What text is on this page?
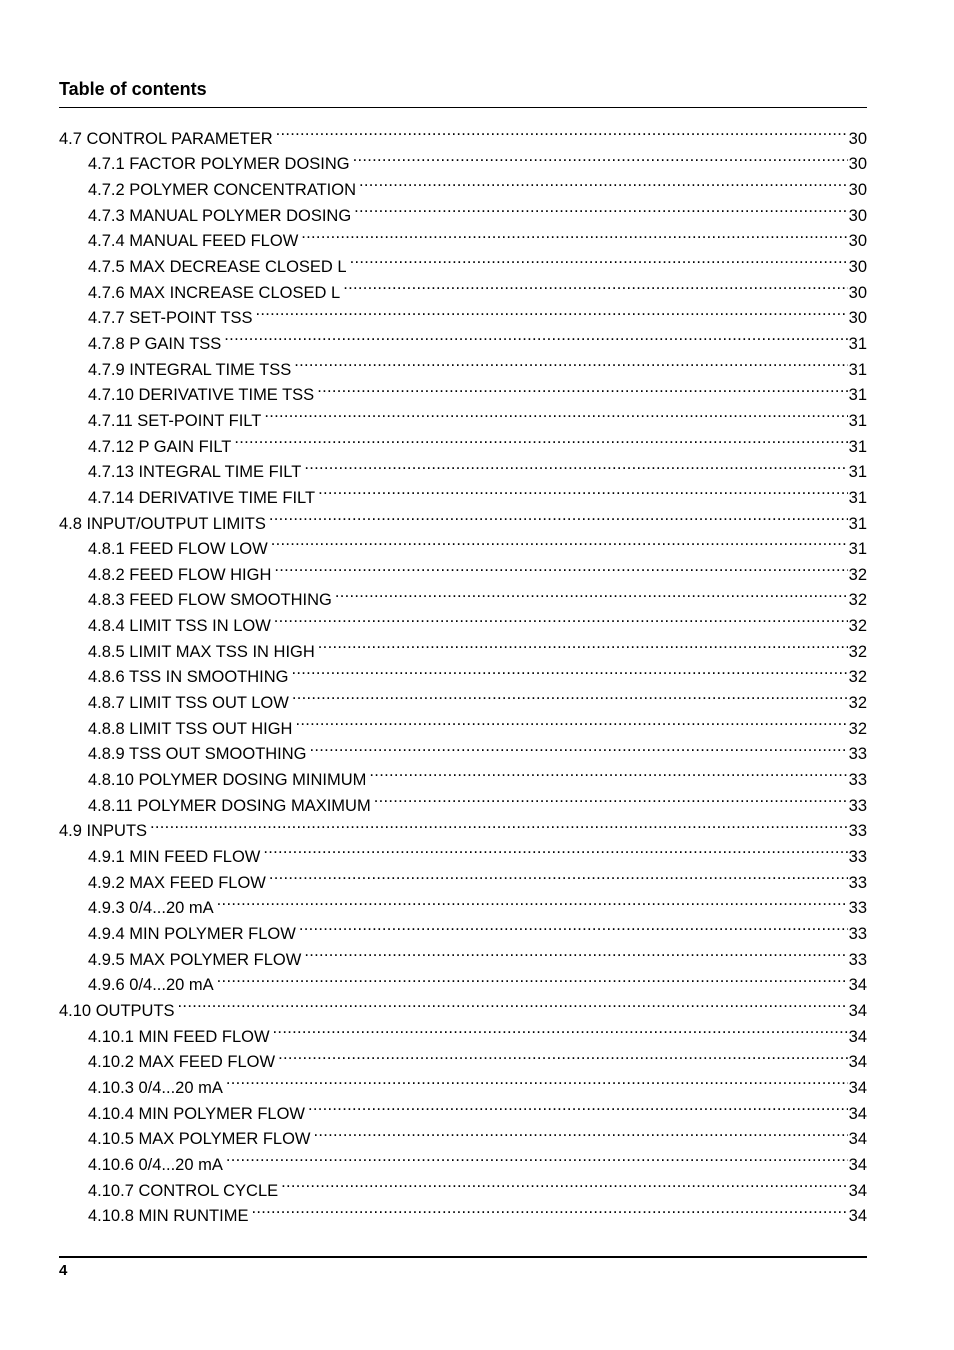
Table of contents
4.7 CONTROL PARAMETER .....	30
4.7.1 FACTOR POLYMER DOSING .....	30
4.7.2 POLYMER CONCENTRATION .....	30
4.7.3 MANUAL POLYMER DOSING .....	30
4.7.4 MANUAL FEED FLOW .....	30
4.7.5 MAX DECREASE CLOSED L .....	30
4.7.6 MAX INCREASE CLOSED L .....	30
4.7.7 SET-POINT TSS .....	30
4.7.8 P GAIN TSS .....	31
4.7.9 INTEGRAL TIME TSS .....	31
4.7.10 DERIVATIVE TIME TSS .....	31
4.7.11 SET-POINT FILT .....	31
4.7.12 P GAIN FILT .....	31
4.7.13 INTEGRAL TIME FILT .....	31
4.7.14 DERIVATIVE TIME FILT .....	31
4.8 INPUT/OUTPUT LIMITS .....	31
4.8.1 FEED FLOW LOW .....	31
4.8.2 FEED FLOW HIGH .....	32
4.8.3 FEED FLOW SMOOTHING .....	32
4.8.4 LIMIT TSS IN LOW .....	32
4.8.5 LIMIT MAX TSS IN HIGH .....	32
4.8.6 TSS IN SMOOTHING .....	32
4.8.7 LIMIT TSS OUT LOW .....	32
4.8.8 LIMIT TSS OUT HIGH .....	32
4.8.9 TSS OUT SMOOTHING .....	33
4.8.10 POLYMER DOSING MINIMUM .....	33
4.8.11 POLYMER DOSING MAXIMUM .....	33
4.9 INPUTS .....	33
4.9.1 MIN FEED FLOW .....	33
4.9.2 MAX FEED FLOW .....	33
4.9.3 0/4...20 mA .....	33
4.9.4 MIN POLYMER FLOW .....	33
4.9.5 MAX POLYMER FLOW .....	33
4.9.6 0/4...20 mA .....	34
4.10 OUTPUTS .....	34
4.10.1 MIN FEED FLOW .....	34
4.10.2 MAX FEED FLOW .....	34
4.10.3 0/4...20 mA .....	34
4.10.4 MIN POLYMER FLOW .....	34
4.10.5 MAX POLYMER FLOW .....	34
4.10.6 0/4...20 mA .....	34
4.10.7 CONTROL CYCLE .....	34
4.10.8 MIN RUNTIME .....	34
4
